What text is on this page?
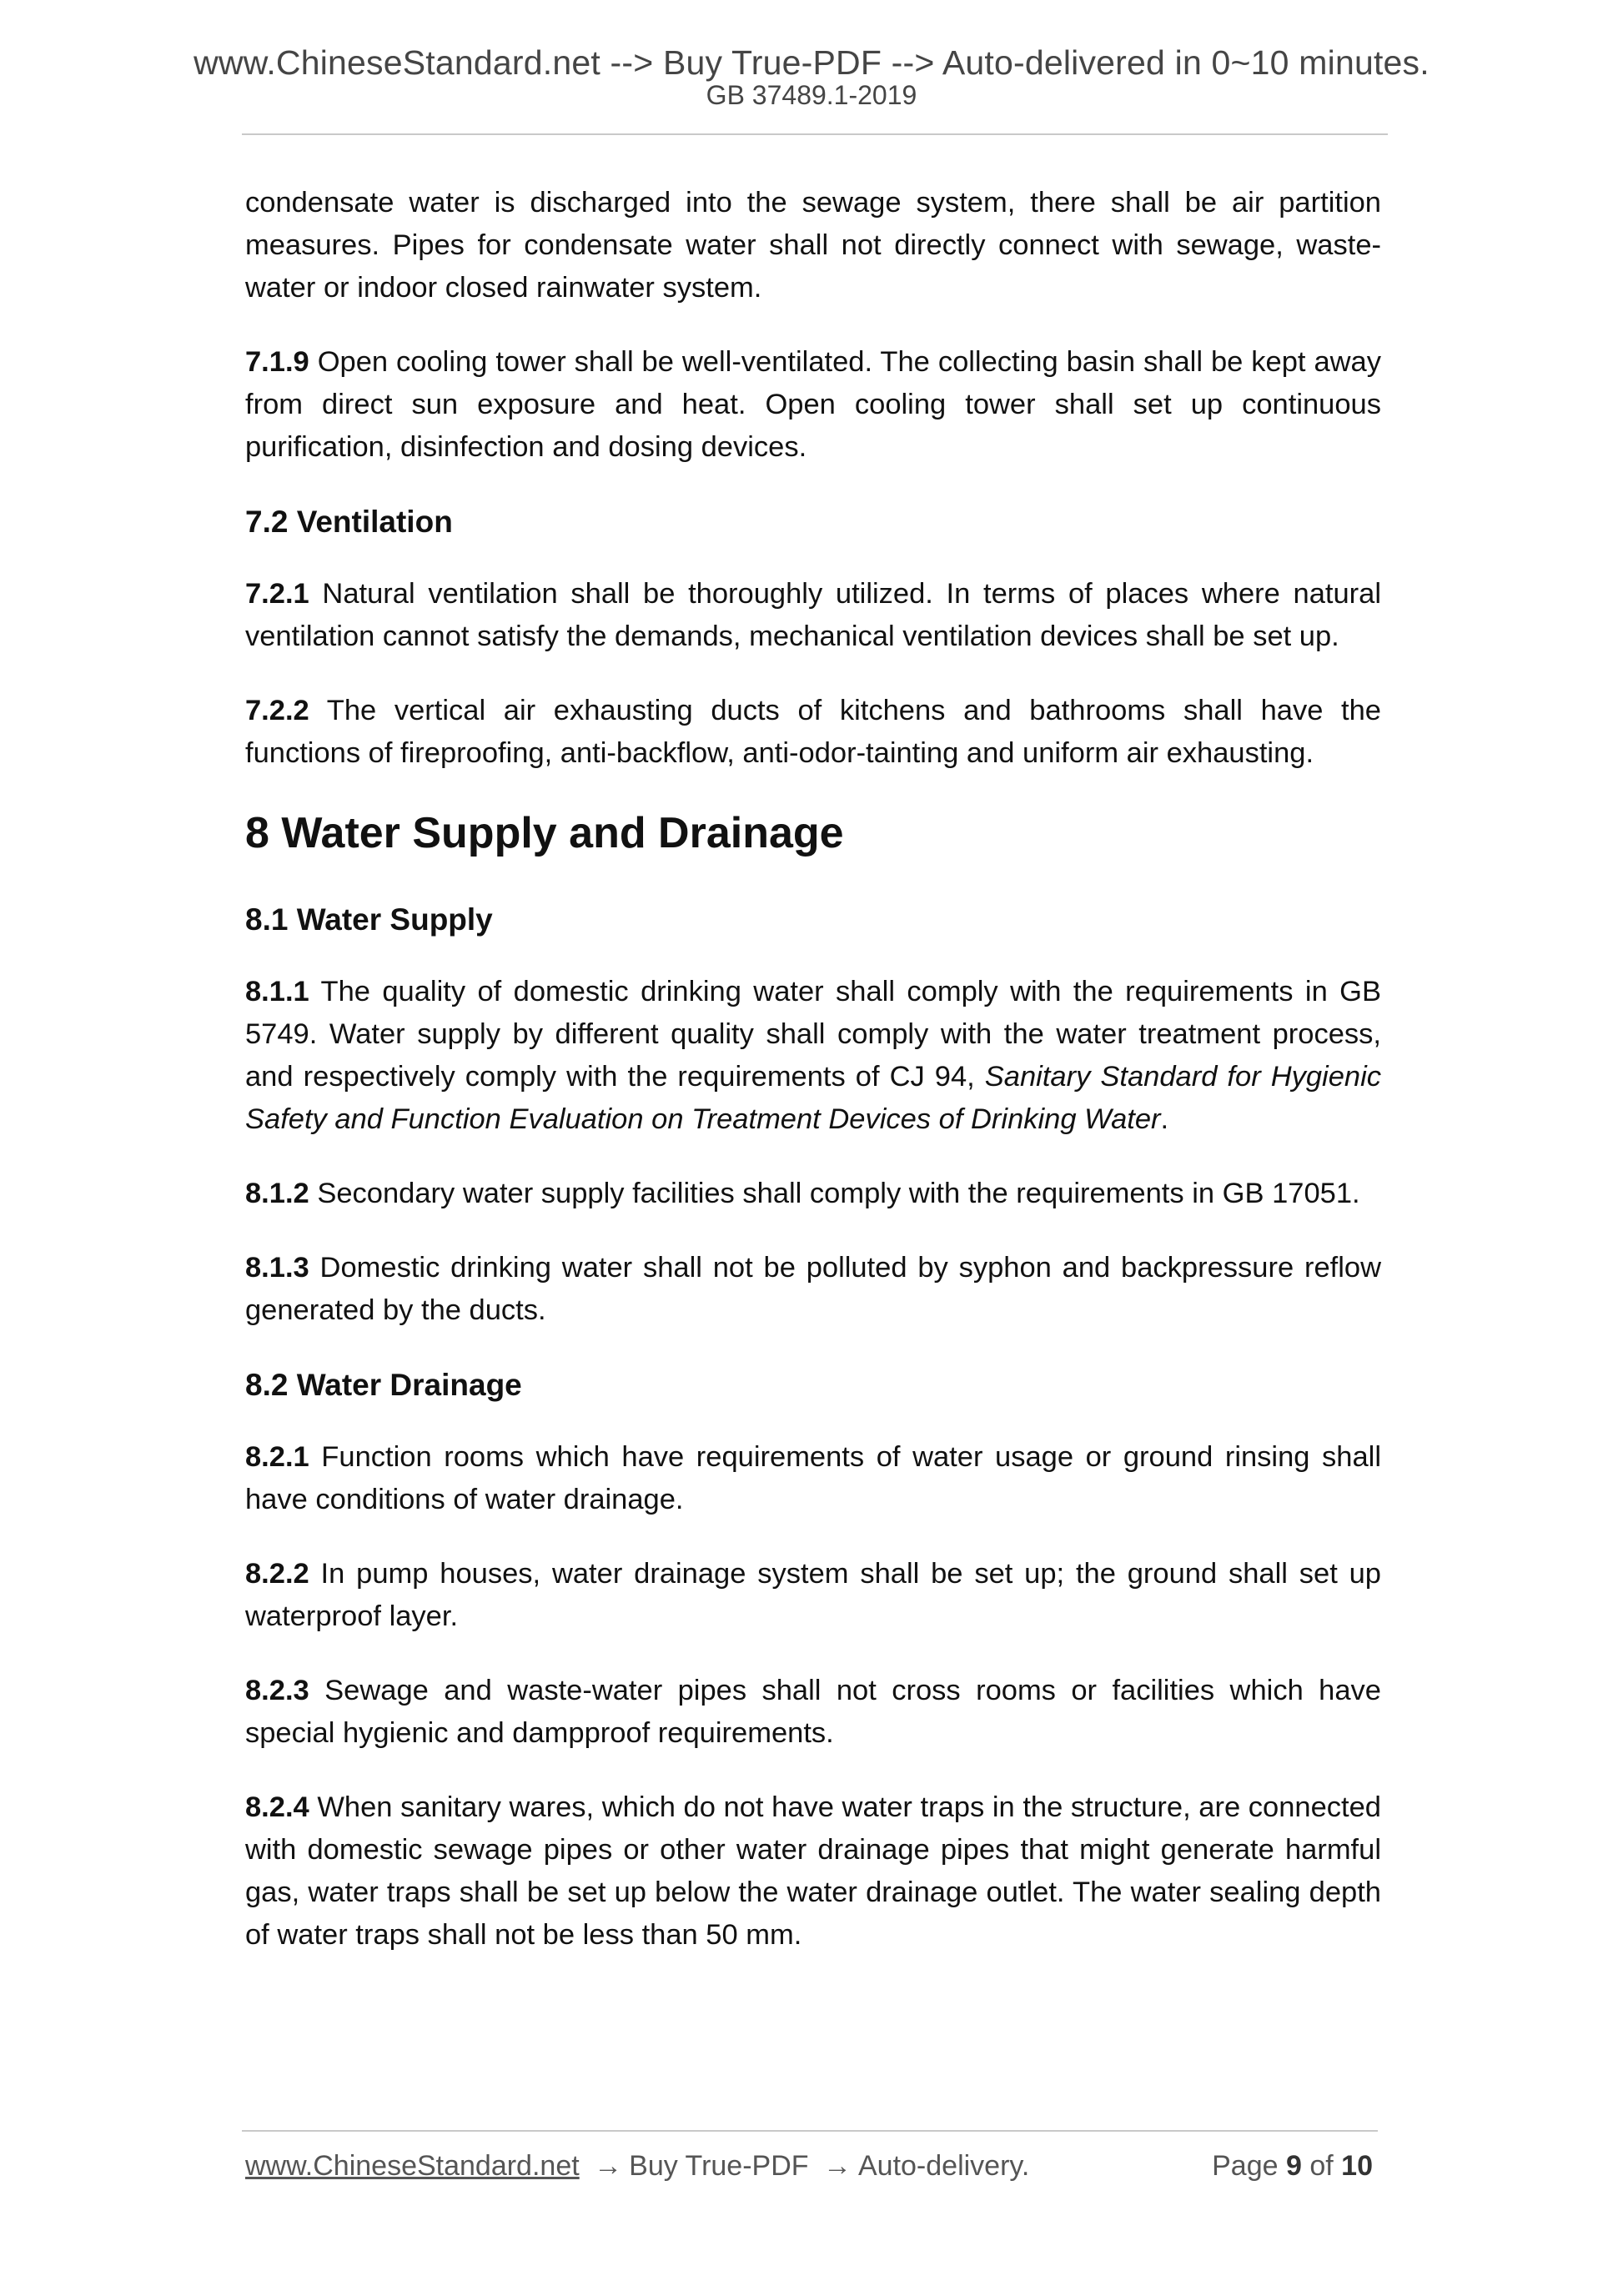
www.ChineseStandard.net --> Buy True-PDF --> Auto-delivered in 0~10 minutes.
GB 37489.1-2019

condensate water is discharged into the sewage system, there shall be air partition measures. Pipes for condensate water shall not directly connect with sewage, waste-water or indoor closed rainwater system.

7.1.9 Open cooling tower shall be well-ventilated. The collecting basin shall be kept away from direct sun exposure and heat. Open cooling tower shall set up continuous purification, disinfection and dosing devices.

7.2 Ventilation

7.2.1 Natural ventilation shall be thoroughly utilized. In terms of places where natural ventilation cannot satisfy the demands, mechanical ventilation devices shall be set up.

7.2.2 The vertical air exhausting ducts of kitchens and bathrooms shall have the functions of fireproofing, anti-backflow, anti-odor-tainting and uniform air exhausting.

8 Water Supply and Drainage
8.1 Water Supply

8.1.1 The quality of domestic drinking water shall comply with the requirements in GB 5749. Water supply by different quality shall comply with the water treatment process, and respectively comply with the requirements of CJ 94, Sanitary Standard for Hygienic Safety and Function Evaluation on Treatment Devices of Drinking Water.

8.1.2 Secondary water supply facilities shall comply with the requirements in GB 17051.

8.1.3 Domestic drinking water shall not be polluted by syphon and backpressure reflow generated by the ducts.

8.2 Water Drainage

8.2.1 Function rooms which have requirements of water usage or ground rinsing shall have conditions of water drainage.

8.2.2 In pump houses, water drainage system shall be set up; the ground shall set up waterproof layer.

8.2.3 Sewage and waste-water pipes shall not cross rooms or facilities which have special hygienic and dampproof requirements.

8.2.4 When sanitary wares, which do not have water traps in the structure, are connected with domestic sewage pipes or other water drainage pipes that might generate harmful gas, water traps shall be set up below the water drainage outlet. The water sealing depth of water traps shall not be less than 50 mm.

www.ChineseStandard.net → Buy True-PDF → Auto-delivery.	Page 9 of 10
